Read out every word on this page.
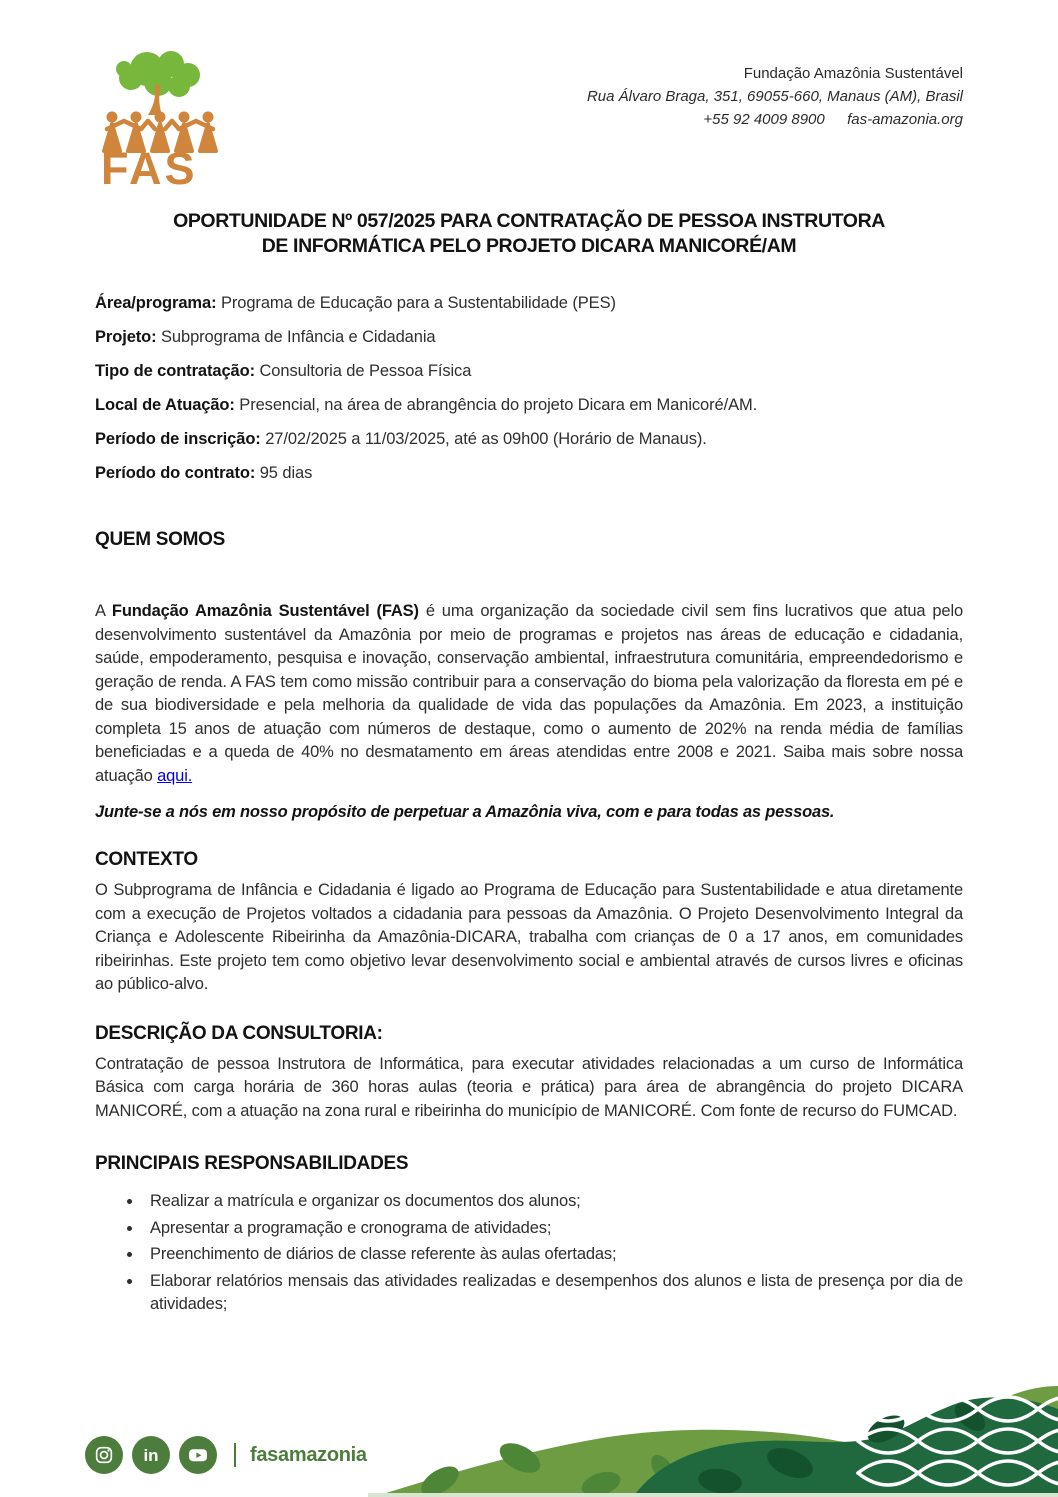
FAS
Fundação Amazônia Sustentável
Rua Álvaro Braga, 351, 69055-660, Manaus (AM), Brasil
+55 92 4009 8900 fas-amazonia.org
OPORTUNIDADE Nº 057/2025 PARA CONTRATAÇÃO DE PESSOA INSTRUTORA
DE INFORMÁTICA PELO PROJETO DICARA MANICORÉ/AM
Área/programa: Programa de Educação para a Sustentabilidade (PES)
Projeto: Subprograma de Infância e Cidadania
Tipo de contratação: Consultoria de Pessoa Física
Local de Atuação: Presencial, na área de abrangência do projeto Dicara em Manicoré/AM.
Período de inscrição: 27/02/2025 a 11/03/2025, até as 09h00 (Horário de Manaus).
Período do contrato: 95 dias
QUEM SOMOS

A Fundação Amazônia Sustentável (FAS) é uma organização da sociedade civil sem fins lucrativos que atua pelo desenvolvimento sustentável da Amazônia por meio de programas e projetos nas áreas de educação e cidadania, saúde, empoderamento, pesquisa e inovação, conservação ambiental, infraestrutura comunitária, empreendedorismo e geração de renda. A FAS tem como missão contribuir para a conservação do bioma pela valorização da floresta em pé e de sua biodiversidade e pela melhoria da qualidade de vida das populações da Amazônia. Em 2023, a instituição completa 15 anos de atuação com números de destaque, como o aumento de 202% na renda média de famílias beneficiadas e a queda de 40% no desmatamento em áreas atendidas entre 2008 e 2021. Saiba mais sobre nossa atuação aqui.

Junte-se a nós em nosso propósito de perpetuar a Amazônia viva, com e para todas as pessoas.

CONTEXTO

O Subprograma de Infância e Cidadania é ligado ao Programa de Educação para Sustentabilidade e atua diretamente com a execução de Projetos voltados a cidadania para pessoas da Amazônia. O Projeto Desenvolvimento Integral da Criança e Adolescente Ribeirinha da Amazônia-DICARA, trabalha com crianças de 0 a 17 anos, em comunidades ribeirinhas. Este projeto tem como objetivo levar desenvolvimento social e ambiental através de cursos livres e oficinas ao público-alvo.

DESCRIÇÃO DA CONSULTORIA:

Contratação de pessoa Instrutora de Informática, para executar atividades relacionadas a um curso de Informática Básica com carga horária de 360 horas aulas (teoria e prática) para área de abrangência do projeto DICARA MANICORÉ, com a atuação na zona rural e ribeirinha do município de MANICORÉ. Com fonte de recurso do FUMCAD.

PRINCIPAIS RESPONSABILIDADES
• Realizar a matrícula e organizar os documentos dos alunos;
• Apresentar a programação e cronograma de atividades;
• Preenchimento de diários de classe referente às aulas ofertadas;
• Elaborar relatórios mensais das atividades realizadas e desempenhos dos alunos e lista de presença por dia de atividades;
in	fasamazonia
